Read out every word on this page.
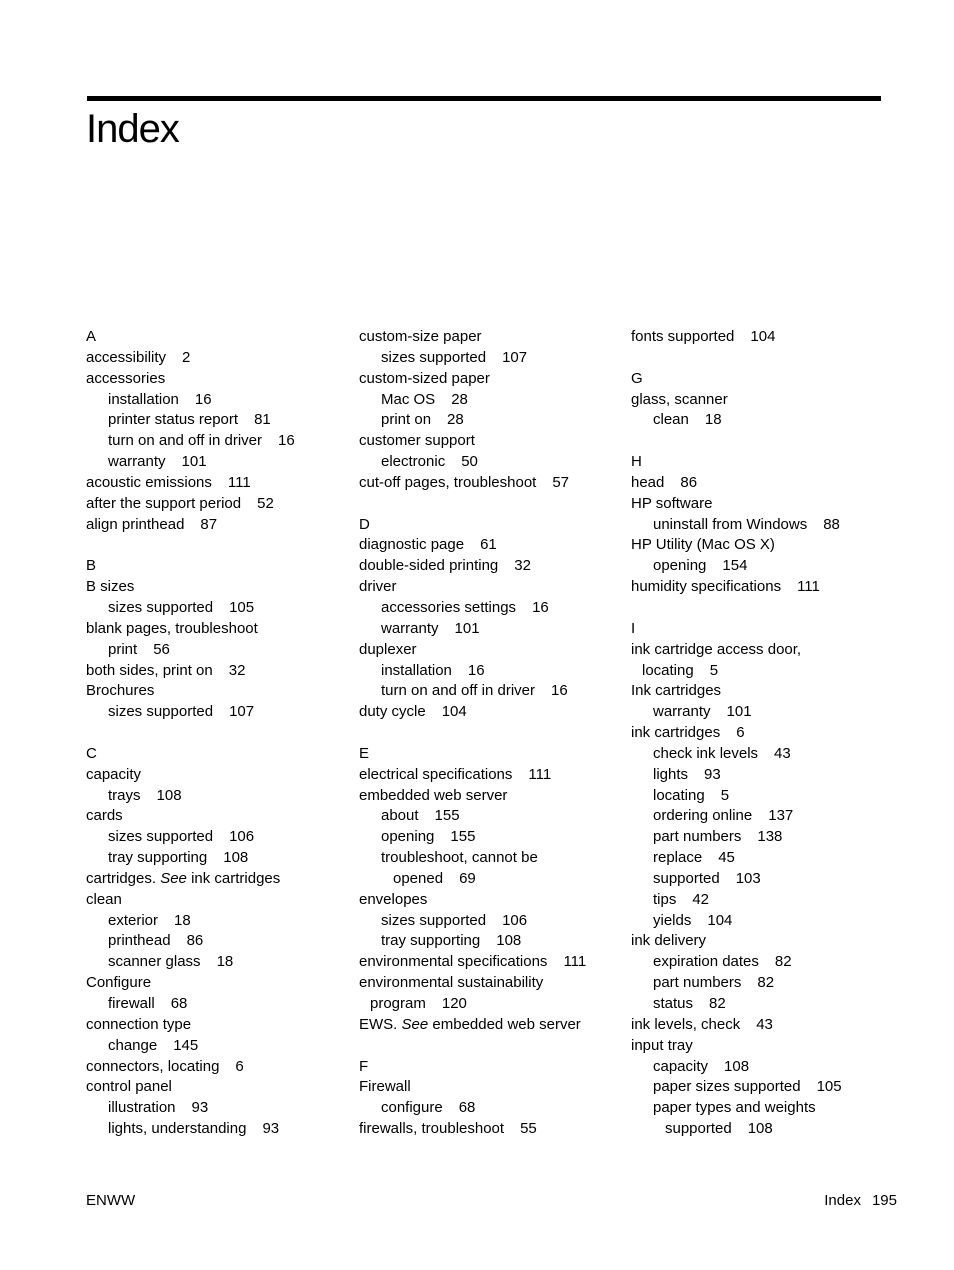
Index
A
accessibility 2
accessories
installation 16
printer status report 81
turn on and off in driver 16
warranty 101
acoustic emissions 111
after the support period 52
align printhead 87
B
B sizes
sizes supported 105
blank pages, troubleshoot
print 56
both sides, print on 32
Brochures
sizes supported 107
C
capacity
trays 108
cards
sizes supported 106
tray supporting 108
cartridges. See ink cartridges
clean
exterior 18
printhead 86
scanner glass 18
Configure
firewall 68
connection type
change 145
connectors, locating 6
control panel
illustration 93
lights, understanding 93
custom-size paper
sizes supported 107
custom-sized paper
Mac OS 28
print on 28
customer support
electronic 50
cut-off pages, troubleshoot 57
D
diagnostic page 61
double-sided printing 32
driver
accessories settings 16
warranty 101
duplexer
installation 16
turn on and off in driver 16
duty cycle 104
E
electrical specifications 111
embedded web server
about 155
opening 155
troubleshoot, cannot be
opened 69
envelopes
sizes supported 106
tray supporting 108
environmental specifications 111
environmental sustainability
program 120
EWS. See embedded web server
F
Firewall
configure 68
firewalls, troubleshoot 55
fonts supported 104
G
glass, scanner
clean 18
H
head 86
HP software
uninstall from Windows 88
HP Utility (Mac OS X)
opening 154
humidity specifications 111
I
ink cartridge access door,
locating 5
Ink cartridges
warranty 101
ink cartridges 6
check ink levels 43
lights 93
locating 5
ordering online 137
part numbers 138
replace 45
supported 103
tips 42
yields 104
ink delivery
expiration dates 82
part numbers 82
status 82
ink levels, check 43
input tray
capacity 108
paper sizes supported 105
paper types and weights
supported 108
ENWW	Index 195
